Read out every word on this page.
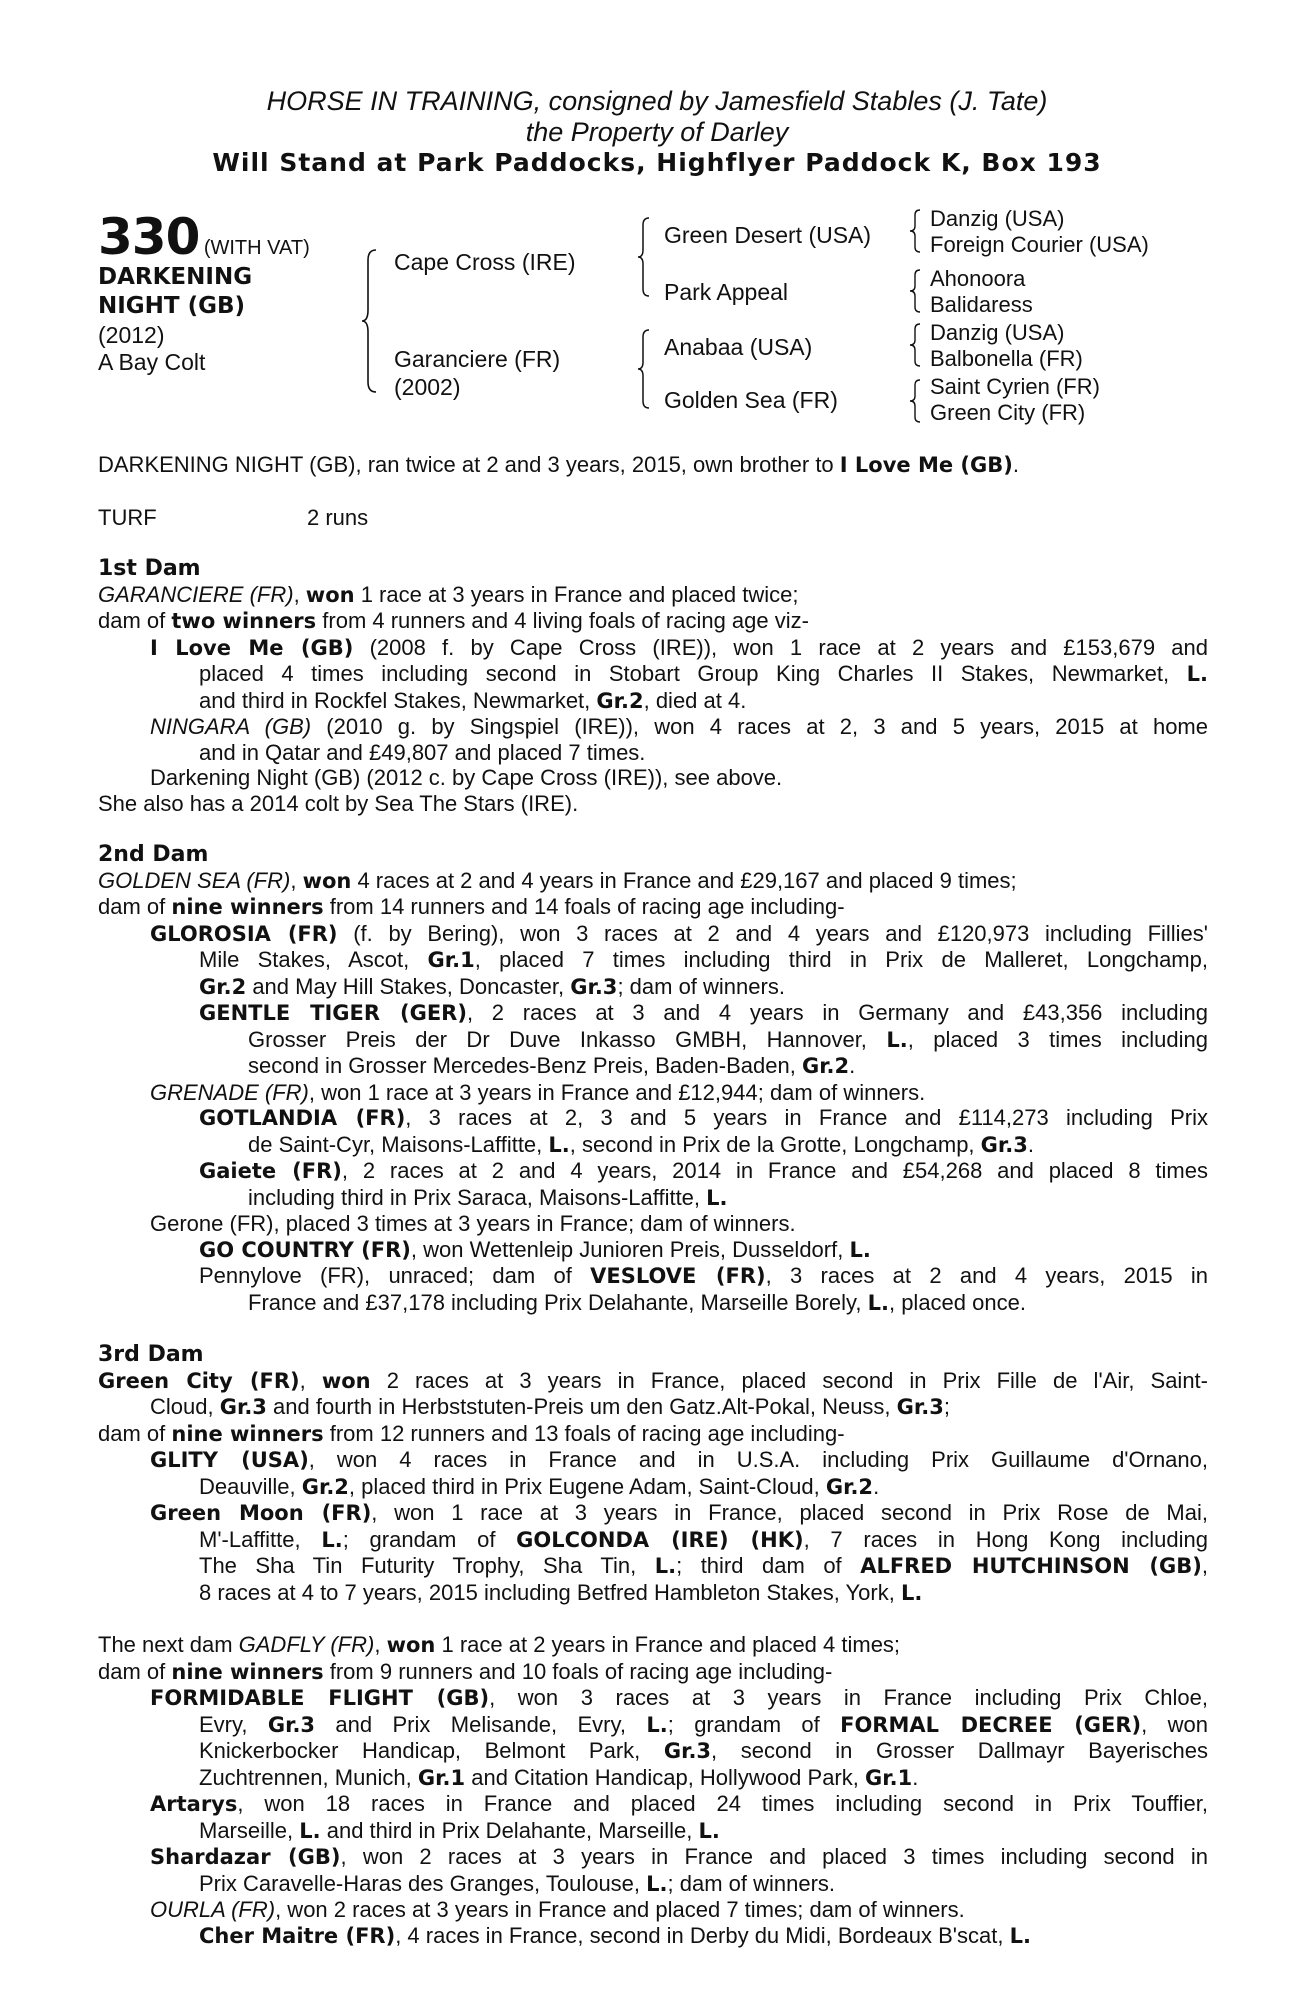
HORSE IN TRAINING, consigned by Jamesfield Stables (J. Tate)
the Property of Darley
Will Stand at Park Paddocks, Highflyer Paddock K, Box 193
330 (WITH VAT)
DARKENING
NIGHT (GB)
(2012)
A Bay Colt
Cape Cross (IRE)
Garanciere (FR)
(2002)
Green Desert (USA)
Park Appeal
Anabaa (USA)
Golden Sea (FR)
Danzig (USA)
Foreign Courier (USA)
Ahonoora
Balidaress
Danzig (USA)
Balbonella (FR)
Saint Cyrien (FR)
Green City (FR)
DARKENING NIGHT (GB), ran twice at 2 and 3 years, 2015, own brother to I Love Me (GB).
TURF	2 runs
1st Dam
GARANCIERE (FR), won 1 race at 3 years in France and placed twice;
dam of two winners from 4 runners and 4 living foals of racing age viz-
I Love Me (GB) (2008 f. by Cape Cross (IRE)), won 1 race at 2 years and £153,679 and
placed 4 times including second in Stobart Group King Charles II Stakes, Newmarket, L.
and third in Rockfel Stakes, Newmarket, Gr.2, died at 4.
NINGARA (GB) (2010 g. by Singspiel (IRE)), won 4 races at 2, 3 and 5 years, 2015 at home
and in Qatar and £49,807 and placed 7 times.
Darkening Night (GB) (2012 c. by Cape Cross (IRE)), see above.
She also has a 2014 colt by Sea The Stars (IRE).
2nd Dam
GOLDEN SEA (FR), won 4 races at 2 and 4 years in France and £29,167 and placed 9 times;
dam of nine winners from 14 runners and 14 foals of racing age including-
GLOROSIA (FR) (f. by Bering), won 3 races at 2 and 4 years and £120,973 including Fillies'
Mile Stakes, Ascot, Gr.1, placed 7 times including third in Prix de Malleret, Longchamp,
Gr.2 and May Hill Stakes, Doncaster, Gr.3; dam of winners.
GENTLE TIGER (GER), 2 races at 3 and 4 years in Germany and £43,356 including
Grosser Preis der Dr Duve Inkasso GMBH, Hannover, L., placed 3 times including
second in Grosser Mercedes-Benz Preis, Baden-Baden, Gr.2.
GRENADE (FR), won 1 race at 3 years in France and £12,944; dam of winners.
GOTLANDIA (FR), 3 races at 2, 3 and 5 years in France and £114,273 including Prix
de Saint-Cyr, Maisons-Laffitte, L., second in Prix de la Grotte, Longchamp, Gr.3.
Gaiete (FR), 2 races at 2 and 4 years, 2014 in France and £54,268 and placed 8 times
including third in Prix Saraca, Maisons-Laffitte, L.
Gerone (FR), placed 3 times at 3 years in France; dam of winners.
GO COUNTRY (FR), won Wettenleip Junioren Preis, Dusseldorf, L.
Pennylove (FR), unraced; dam of VESLOVE (FR), 3 races at 2 and 4 years, 2015 in
France and £37,178 including Prix Delahante, Marseille Borely, L., placed once.
3rd Dam
Green City (FR), won 2 races at 3 years in France, placed second in Prix Fille de l'Air, Saint-
Cloud, Gr.3 and fourth in Herbststuten-Preis um den Gatz.Alt-Pokal, Neuss, Gr.3;
dam of nine winners from 12 runners and 13 foals of racing age including-
GLITY (USA), won 4 races in France and in U.S.A. including Prix Guillaume d'Ornano,
Deauville, Gr.2, placed third in Prix Eugene Adam, Saint-Cloud, Gr.2.
Green Moon (FR), won 1 race at 3 years in France, placed second in Prix Rose de Mai,
M'-Laffitte, L.; grandam of GOLCONDA (IRE) (HK), 7 races in Hong Kong including
The Sha Tin Futurity Trophy, Sha Tin, L.; third dam of ALFRED HUTCHINSON (GB),
8 races at 4 to 7 years, 2015 including Betfred Hambleton Stakes, York, L.
The next dam GADFLY (FR), won 1 race at 2 years in France and placed 4 times;
dam of nine winners from 9 runners and 10 foals of racing age including-
FORMIDABLE FLIGHT (GB), won 3 races at 3 years in France including Prix Chloe,
Evry, Gr.3 and Prix Melisande, Evry, L.; grandam of FORMAL DECREE (GER), won
Knickerbocker Handicap, Belmont Park, Gr.3, second in Grosser Dallmayr Bayerisches
Zuchtrennen, Munich, Gr.1 and Citation Handicap, Hollywood Park, Gr.1.
Artarys, won 18 races in France and placed 24 times including second in Prix Touffier,
Marseille, L. and third in Prix Delahante, Marseille, L.
Shardazar (GB), won 2 races at 3 years in France and placed 3 times including second in
Prix Caravelle-Haras des Granges, Toulouse, L.; dam of winners.
OURLA (FR), won 2 races at 3 years in France and placed 7 times; dam of winners.
Cher Maitre (FR), 4 races in France, second in Derby du Midi, Bordeaux B'scat, L.
